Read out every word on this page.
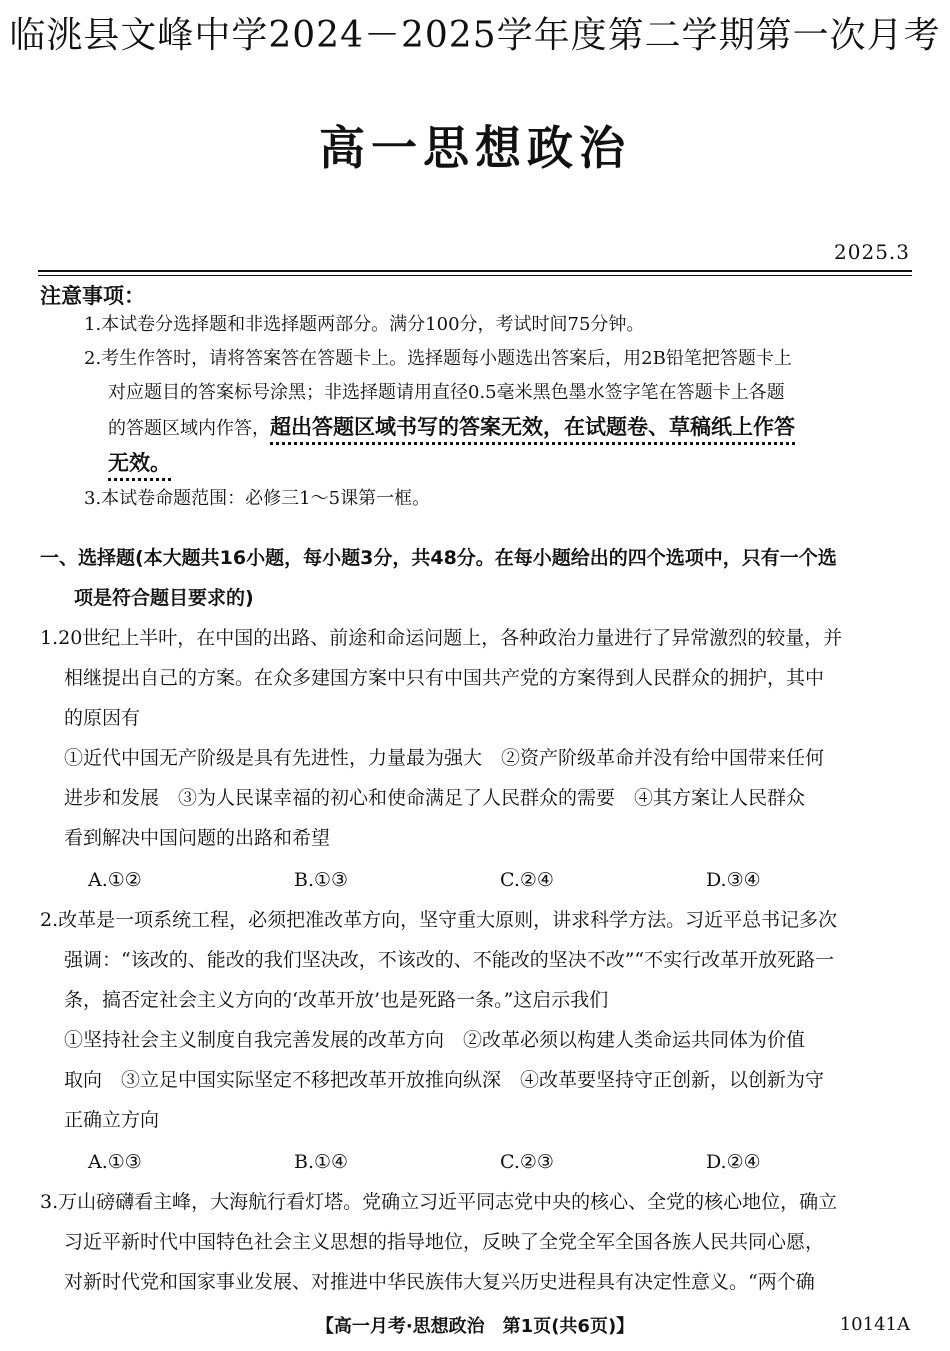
临洮县文峰中学2024－2025学年度第二学期第一次月考
高一思想政治
2025.3
注意事项：
1.本试卷分选择题和非选择题两部分。满分100分，考试时间75分钟。
2.考生作答时，请将答案答在答题卡上。选择题每小题选出答案后，用2B铅笔把答题卡上
对应题目的答案标号涂黑；非选择题请用直径0.5毫米黑色墨水签字笔在答题卡上各题
的答题区域内作答，超出答题区域书写的答案无效，在试题卷、草稿纸上作答
无效。
3.本试卷命题范围：必修三1～5课第一框。
一、选择题(本大题共16小题，每小题3分，共48分。在每小题给出的四个选项中，只有一个选
项是符合题目要求的)
1.20世纪上半叶，在中国的出路、前途和命运问题上，各种政治力量进行了异常激烈的较量，并
相继提出自己的方案。在众多建国方案中只有中国共产党的方案得到人民群众的拥护，其中
的原因有
①近代中国无产阶级是具有先进性，力量最为强大　②资产阶级革命并没有给中国带来任何
进步和发展　③为人民谋幸福的初心和使命满足了人民群众的需要　④其方案让人民群众
看到解决中国问题的出路和希望
A.①②	B.①③	C.②④	D.③④
2.改革是一项系统工程，必须把准改革方向，坚守重大原则，讲求科学方法。习近平总书记多次
强调：“该改的、能改的我们坚决改，不该改的、不能改的坚决不改”“不实行改革开放死路一
条，搞否定社会主义方向的‘改革开放’也是死路一条。”这启示我们
①坚持社会主义制度自我完善发展的改革方向　②改革必须以构建人类命运共同体为价值
取向　③立足中国实际坚定不移把改革开放推向纵深　④改革要坚持守正创新，以创新为守
正确立方向
A.①③	B.①④	C.②③	D.②④
3.万山磅礴看主峰，大海航行看灯塔。党确立习近平同志党中央的核心、全党的核心地位，确立
习近平新时代中国特色社会主义思想的指导地位，反映了全党全军全国各族人民共同心愿，
对新时代党和国家事业发展、对推进中华民族伟大复兴历史进程具有决定性意义。“两个确
【高一月考·思想政治　第1页(共6页)】	10141A
